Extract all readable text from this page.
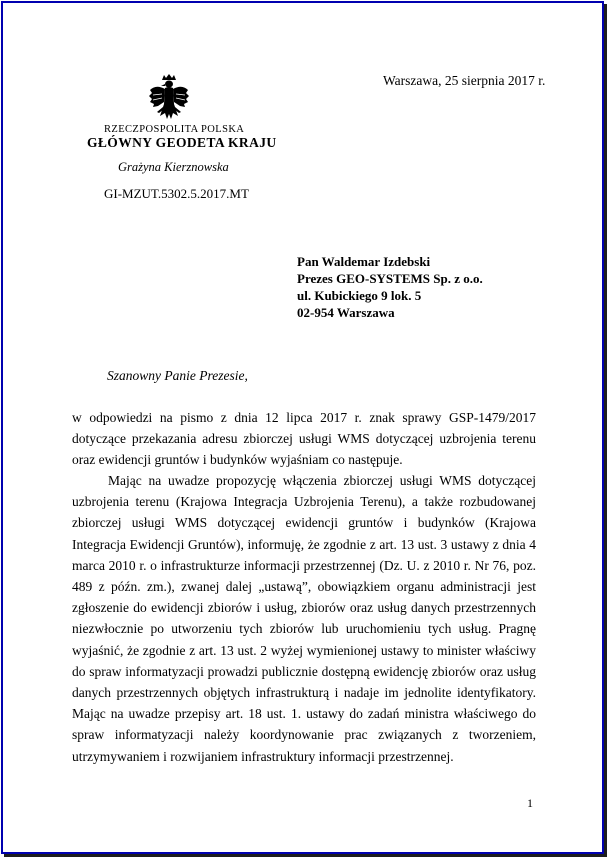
Warszawa, 25 sierpnia 2017 r.
RZECZPOSPOLITA POLSKA
GŁÓWNY GEODETA KRAJU
Grażyna Kierznowska
GI-MZUT.5302.5.2017.MT
Pan Waldemar Izdebski
Prezes GEO-SYSTEMS Sp. z o.o.
ul. Kubickiego 9 lok. 5
02-954 Warszawa
Szanowny Panie Prezesie,
w odpowiedzi na pismo z dnia 12 lipca 2017 r. znak sprawy GSP-1479/2017 dotyczące przekazania adresu zbiorczej usługi WMS dotyczącej uzbrojenia terenu oraz ewidencji gruntów i budynków wyjaśniam co następuje.
Mając na uwadze propozycję włączenia zbiorczej usługi WMS dotyczącej uzbrojenia terenu (Krajowa Integracja Uzbrojenia Terenu), a także rozbudowanej zbiorczej usługi WMS dotyczącej ewidencji gruntów i budynków (Krajowa Integracja Ewidencji Gruntów), informuję, że zgodnie z art. 13 ust. 3 ustawy z dnia 4 marca 2010 r. o infrastrukturze informacji przestrzennej (Dz. U. z 2010 r. Nr 76, poz. 489 z późn. zm.), zwanej dalej „ustawą”, obowiązkiem organu administracji jest zgłoszenie do ewidencji zbiorów i usług, zbiorów oraz usług danych przestrzennych niezwłocznie po utworzeniu tych zbiorów lub uruchomieniu tych usług. Pragnę wyjaśnić, że zgodnie z art. 13 ust. 2 wyżej wymienionej ustawy to minister właściwy do spraw informatyzacji prowadzi publicznie dostępną ewidencję zbiorów oraz usług danych przestrzennych objętych infrastrukturą i nadaje im jednolite identyfikatory. Mając na uwadze przepisy art. 18 ust. 1. ustawy do zadań ministra właściwego do spraw informatyzacji należy koordynowanie prac związanych z tworzeniem, utrzymywaniem i rozwijaniem infrastruktury informacji przestrzennej.
1
